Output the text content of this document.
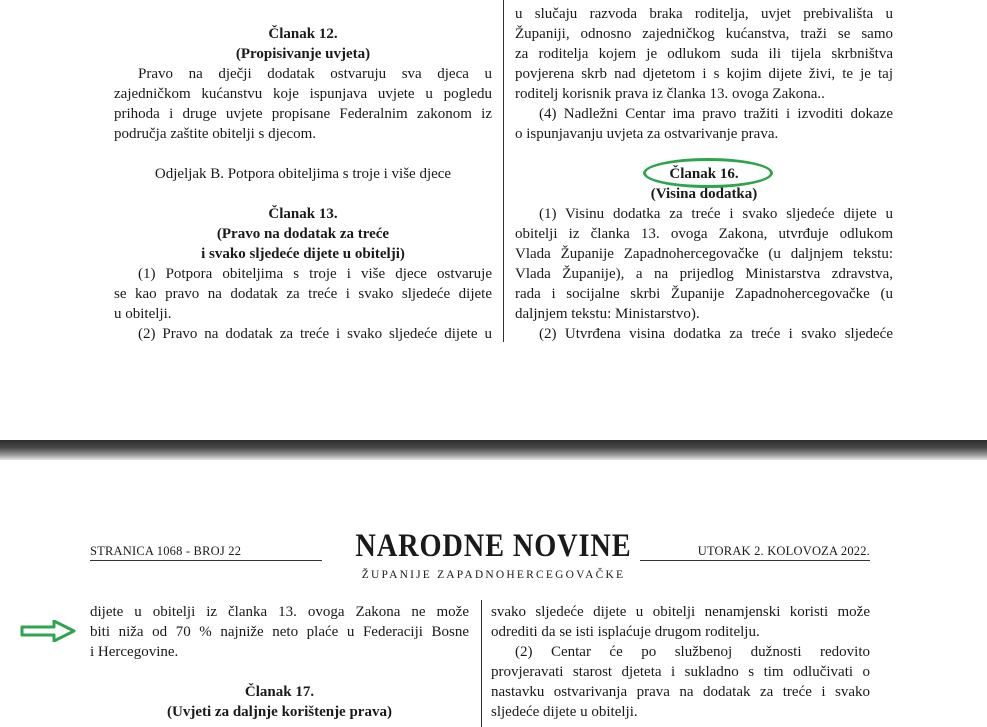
Članak 12.

(Propisivanje uvjeta)

Pravo na dječji dodatak ostvaruju sva djeca u

zajedničkom kućanstvu koje ispunjava uvjete u pogledu

prihoda i druge uvjete propisane Federalnim zakonom iz

područja zaštite obitelji s djecom.

Odjeljak B. Potpora obiteljima s troje i više djece

Članak 13.

(Pravo na dodatak za treće

i svako sljedeće dijete u obitelji)

(1) Potpora obiteljima s troje i više djece ostvaruje

se kao pravo na dodatak za treće i svako sljedeće dijete

u obitelji.

(2) Pravo na dodatak za treće i svako sljedeće dijete u

u slučaju razvoda braka roditelja, uvjet prebivališta u

Županiji, odnosno zajedničkog kućanstva, traži se samo

za roditelja kojem je odlukom suda ili tijela skrbništva

povjerena skrb nad djetetom i s kojim dijete živi, te je taj

roditelj korisnik prava iz članka 13. ovoga Zakona..

(4) Nadležni Centar ima pravo tražiti i izvoditi dokaze

o ispunjavanju uvjeta za ostvarivanje prava.

Članak 16.

(Visina dodatka)

(1) Visinu dodatka za treće i svako sljedeće dijete u

obitelji iz članka 13. ovoga Zakona, utvrđuje odlukom

Vlada Županije Zapadnohercegovačke (u daljnjem tekstu:

Vlada Županije), a na prijedlog Ministarstva zdravstva,

rada i socijalne skrbi Županije Zapadnohercegovačke (u

daljnjem tekstu: Ministarstvo).

(2) Utvrđena visina dodatka za treće i svako sljedeće

STRANICA 1068 - BROJ 22	NARODNE NOVINE	UTORAK 2. KOLOVOZA 2022.
ŽUPANIJE ZAPADNOHERCEGOVAČKE

dijete u obitelji iz članka 13. ovoga Zakona ne može

biti niža od 70 % najniže neto plaće u Federaciji Bosne

i Hercegovine.

Članak 17.

(Uvjeti za daljnje korištenje prava)

svako sljedeće dijete u obitelji nenamjenski koristi može

odrediti da se isti isplaćuje drugom roditelju.

(2) Centar će po službenoj dužnosti redovito

provjeravati starost djeteta i sukladno s tim odlučivati o

nastavku ostvarivanja prava na dodatak za treće i svako

sljedeće dijete u obitelji.
